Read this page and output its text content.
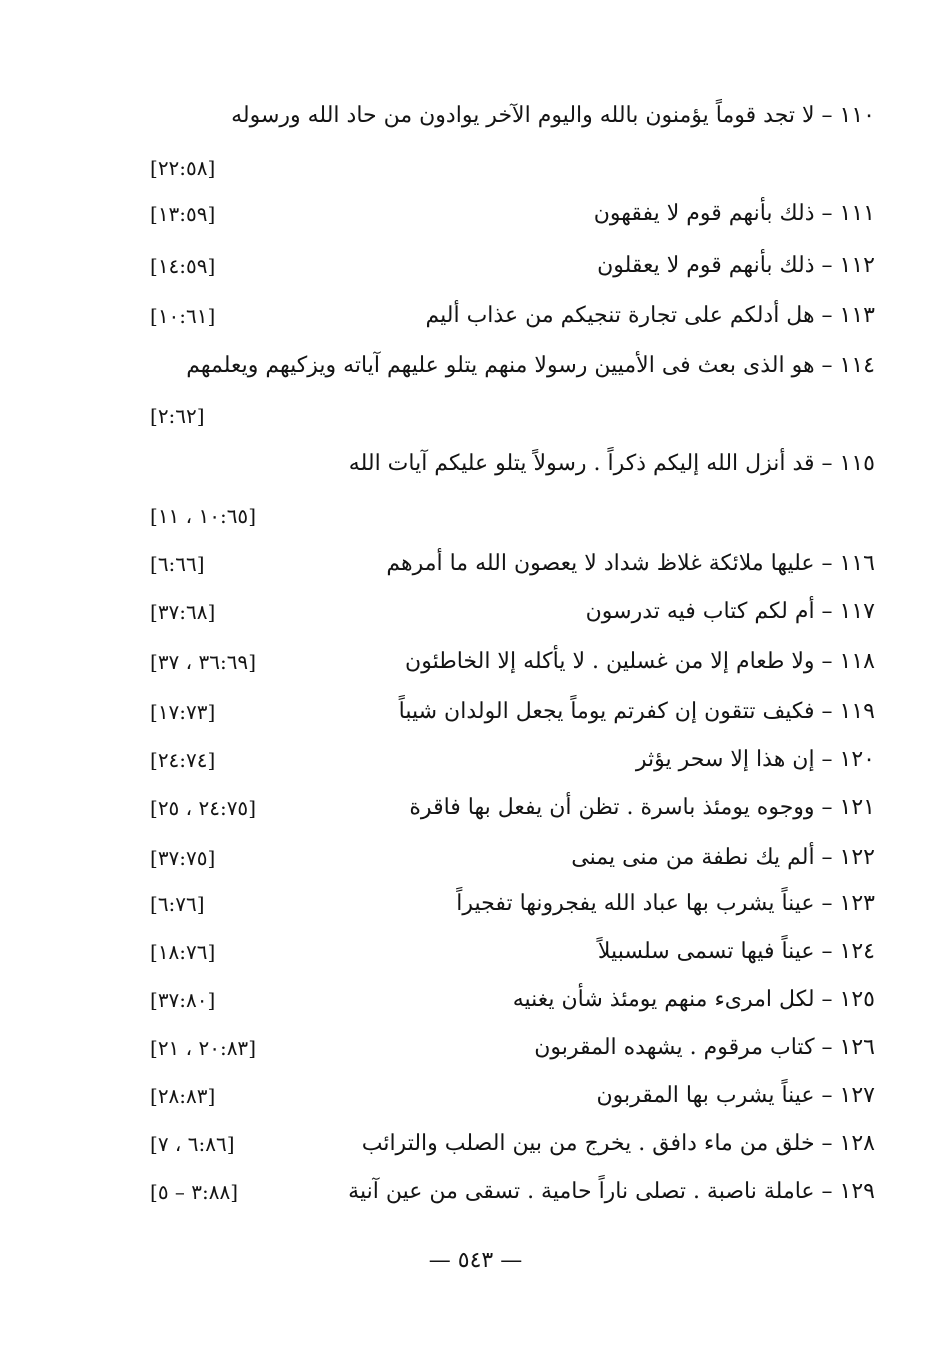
١١٠ – لا تجد قوماً يؤمنون بالله واليوم الآخر يوادون من حاد الله ورسوله
[٢٢:٥٨]
١١١ – ذلك بأنهم قوم لا يفقهون
[١٣:٥٩]
١١٢ – ذلك بأنهم قوم لا يعقلون
[١٤:٥٩]
١١٣ – هل أدلكم على تجارة تنجيكم من عذاب أليم
[١٠:٦١]
١١٤ – هو الذى بعث فى الأميين رسولا منهم يتلو عليهم آياته ويزكيهم ويعلمهم
[٢:٦٢]
١١٥ – قد أنزل الله إليكم ذكراً . رسولاً يتلو عليكم آيات الله
[١٠:٦٥ ، ١١]
١١٦ – عليها ملائكة غلاظ شداد لا يعصون الله ما أمرهم
[٦:٦٦]
١١٧ – أم لكم كتاب فيه تدرسون
[٣٧:٦٨]
١١٨ – ولا طعام إلا من غسلين . لا يأكله إلا الخاطئون
[٣٦:٦٩ ، ٣٧]
١١٩ – فكيف تتقون إن كفرتم يوماً يجعل الولدان شيباً
[١٧:٧٣]
١٢٠ – إن هذا إلا سحر يؤثر
[٢٤:٧٤]
١٢١ – ووجوه يومئذ باسرة . تظن أن يفعل بها فاقرة
[٢٤:٧٥ ، ٢٥]
١٢٢ – ألم يك نطفة من منى يمنى
[٣٧:٧٥]
١٢٣ – عيناً يشرب بها عباد الله يفجرونها تفجيراً
[٦:٧٦]
١٢٤ – عيناً فيها تسمى سلسبيلاً
[١٨:٧٦]
١٢٥ – لكل امرىء منهم يومئذ شأن يغنيه
[٣٧:٨٠]
١٢٦ – كتاب مرقوم . يشهده المقربون
[٢٠:٨٣ ، ٢١]
١٢٧ – عيناً يشرب بها المقربون
[٢٨:٨٣]
١٢٨ – خلق من ماء دافق . يخرج من بين الصلب والترائب
[٦:٨٦ ، ٧]
١٢٩ – عاملة ناصبة . تصلى ناراً حامية . تسقى من عين آنية
[٣:٨٨ – ٥]
— ٥٤٣ —
